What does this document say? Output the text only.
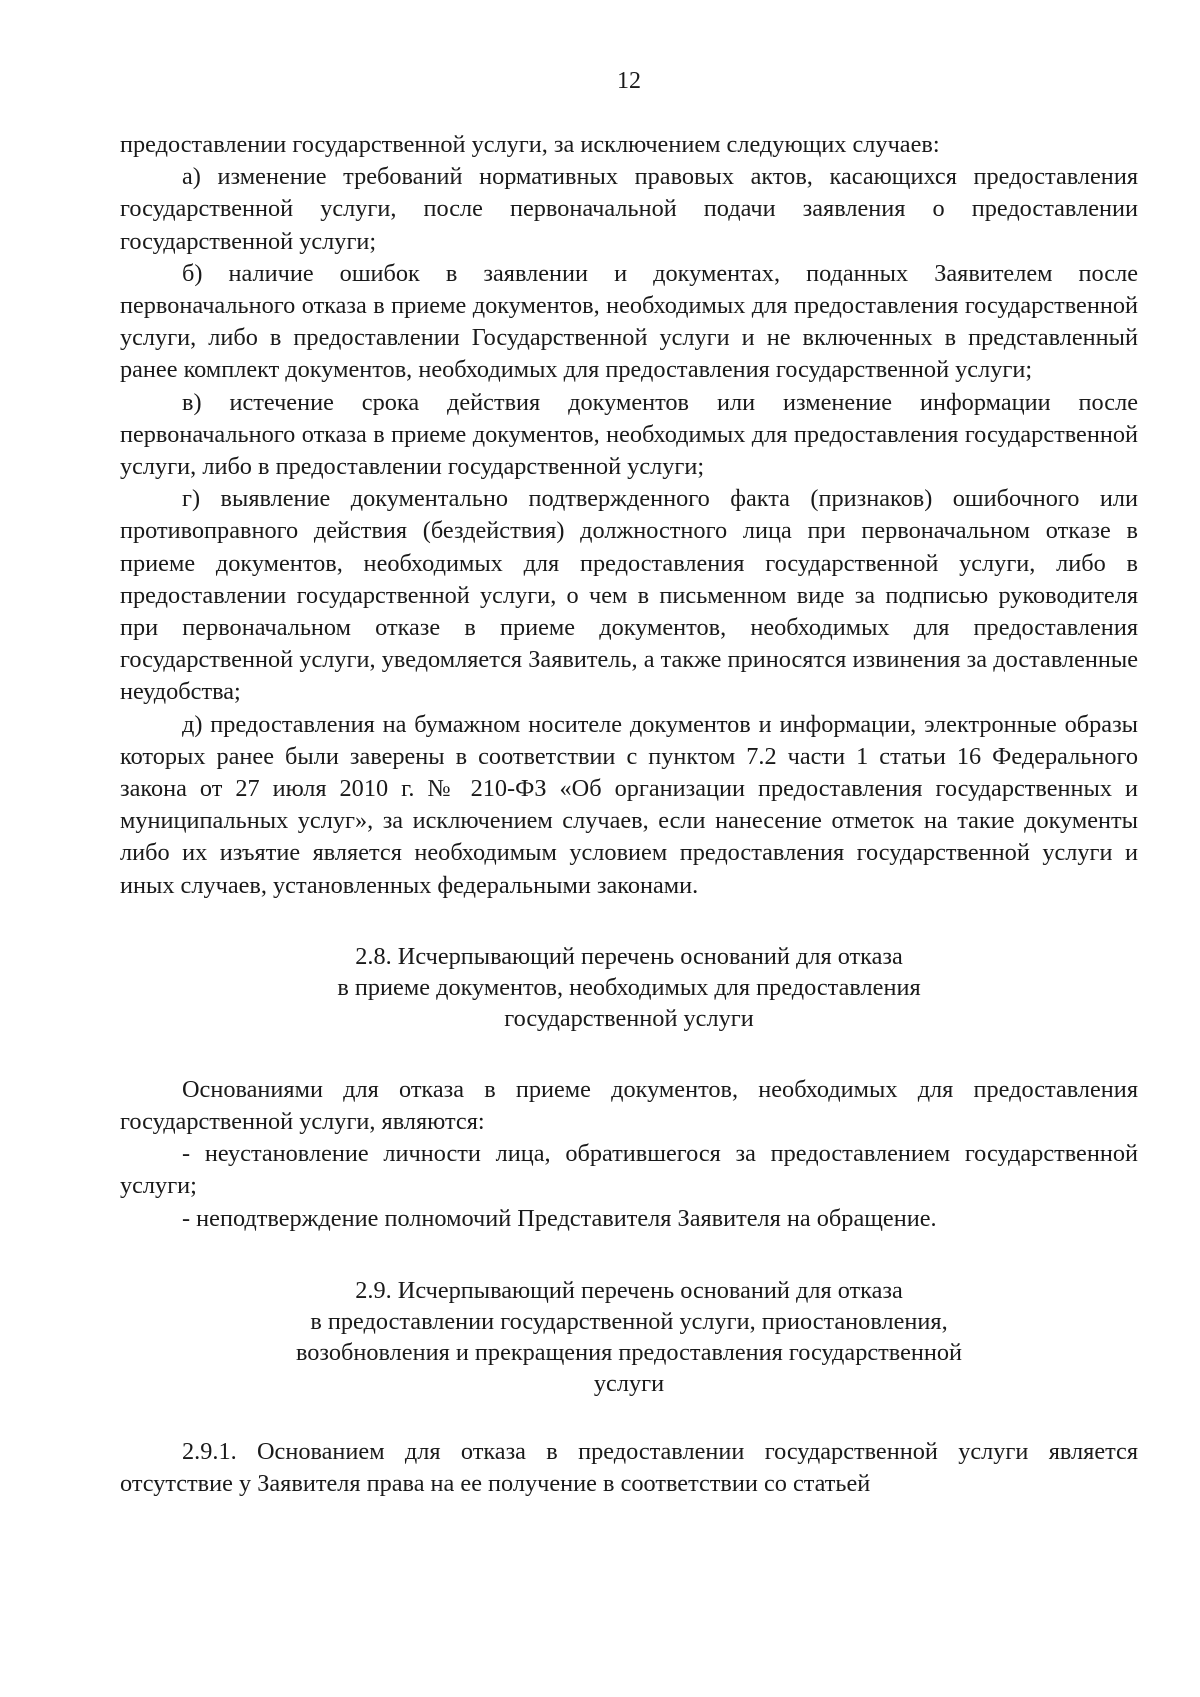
12

предоставлении государственной услуги, за исключением следующих случаев:

а) изменение требований нормативных правовых актов, касающихся предоставления государственной услуги, после первоначальной подачи заявления о предоставлении государственной услуги;

б) наличие ошибок в заявлении и документах, поданных Заявителем после первоначального отказа в приеме документов, необходимых для предоставления государственной услуги, либо в предоставлении Государственной услуги и не включенных в представленный ранее комплект документов, необходимых для предоставления государственной услуги;

в) истечение срока действия документов или изменение информации после первоначального отказа в приеме документов, необходимых для предоставления государственной услуги, либо в предоставлении государственной услуги;

г) выявление документально подтвержденного факта (признаков) ошибочного или противоправного действия (бездействия) должностного лица при первоначальном отказе в приеме документов, необходимых для предоставления государственной услуги, либо в предоставлении государственной услуги, о чем в письменном виде за подписью руководителя при первоначальном отказе в приеме документов, необходимых для предоставления государственной услуги, уведомляется Заявитель, а также приносятся извинения за доставленные неудобства;

д) предоставления на бумажном носителе документов и информации, электронные образы которых ранее были заверены в соответствии с пунктом 7.2 части 1 статьи 16 Федерального закона от 27 июля 2010 г. № 210-ФЗ «Об организации предоставления государственных и муниципальных услуг», за исключением случаев, если нанесение отметок на такие документы либо их изъятие является необходимым условием предоставления государственной услуги и иных случаев, установленных федеральными законами.

2.8. Исчерпывающий перечень оснований для отказа
в приеме документов, необходимых для предоставления
государственной услуги

Основаниями для отказа в приеме документов, необходимых для предоставления государственной услуги, являются:

- неустановление личности лица, обратившегося за предоставлением государственной услуги;

- неподтверждение полномочий Представителя Заявителя на обращение.

2.9. Исчерпывающий перечень оснований для отказа
в предоставлении государственной услуги, приостановления,
возобновления и прекращения предоставления государственной
услуги

2.9.1. Основанием для отказа в предоставлении государственной услуги является отсутствие у Заявителя права на ее получение в соответствии со статьей
